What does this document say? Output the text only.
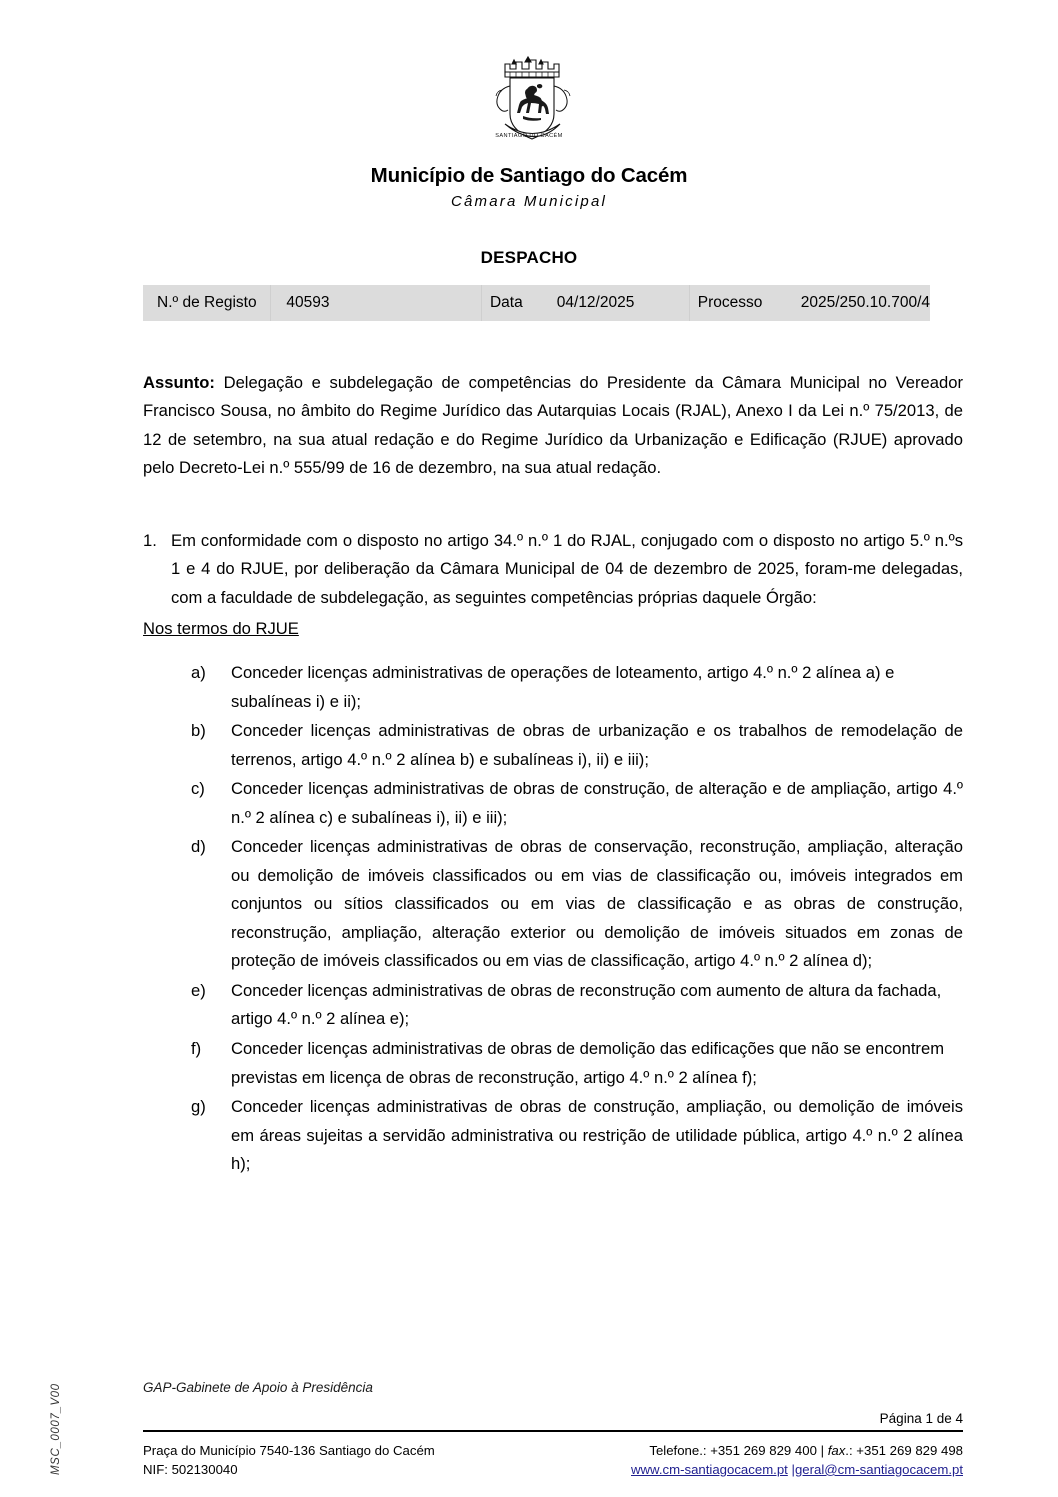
SANTIAGO DO CACÉM
Município de Santiago do Cacém
Câmara Municipal
DESPACHO
N.º de Registo 40593	Data 04/12/2025	Processo 2025/250.10.700/4

Assunto: Delegação e subdelegação de competências do Presidente da Câmara Municipal no Vereador Francisco Sousa, no âmbito do Regime Jurídico das Autarquias Locais (RJAL), Anexo I da Lei n.º 75/2013, de 12 de setembro, na sua atual redação e do Regime Jurídico da Urbanização e Edificação (RJUE) aprovado pelo Decreto-Lei n.º 555/99 de 16 de dezembro, na sua atual redação.

1. Em conformidade com o disposto no artigo 34.º n.º 1 do RJAL, conjugado com o disposto no artigo 5.º n.ºs 1 e 4 do RJUE, por deliberação da Câmara Municipal de 04 de dezembro de 2025, foram-me delegadas, com a faculdade de subdelegação, as seguintes competências próprias daquele Órgão:
Nos termos do RJUE
a)	Conceder licenças administrativas de operações de loteamento, artigo 4.º n.º 2 alínea a) e subalíneas i) e ii);
b)	Conceder licenças administrativas de obras de urbanização e os trabalhos de remodelação de terrenos, artigo 4.º n.º 2 alínea b) e subalíneas i), ii) e iii);
c)	Conceder licenças administrativas de obras de construção, de alteração e de ampliação, artigo 4.º n.º 2 alínea c) e subalíneas i), ii) e iii);
d)	Conceder licenças administrativas de obras de conservação, reconstrução, ampliação, alteração ou demolição de imóveis classificados ou em vias de classificação ou, imóveis integrados em conjuntos ou sítios classificados ou em vias de classificação e as obras de construção, reconstrução, ampliação, alteração exterior ou demolição de imóveis situados em zonas de proteção de imóveis classificados ou em vias de classificação, artigo 4.º n.º 2 alínea d);
e)	Conceder licenças administrativas de obras de reconstrução com aumento de altura da fachada, artigo 4.º n.º 2 alínea e);
f)	Conceder licenças administrativas de obras de demolição das edificações que não se encontrem previstas em licença de obras de reconstrução, artigo 4.º n.º 2 alínea f);
g)	Conceder licenças administrativas de obras de construção, ampliação, ou demolição de imóveis em áreas sujeitas a servidão administrativa ou restrição de utilidade pública, artigo 4.º n.º 2 alínea h);
GAP-Gabinete de Apoio à Presidência
Página 1 de 4
Praça do Município 7540-136 Santiago do Cacém
NIF: 502130040
Telefone.: +351 269 829 400 | fax.: +351 269 829 498
www.cm-santiagocacem.pt |geral@cm-santiagocacem.pt
MSC_0007_V00
